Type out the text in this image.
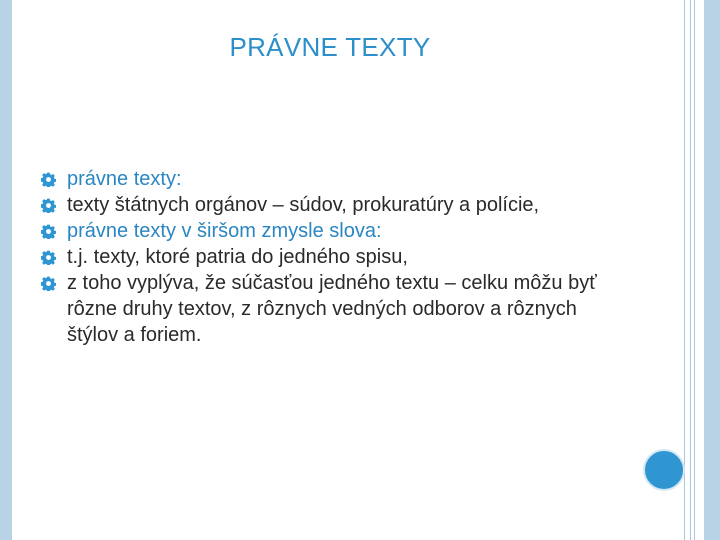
PRÁVNE TEXTY
právne texty:
texty štátnych orgánov – súdov, prokuratúry a polície,
právne texty v širšom zmysle slova:
t.j. texty, ktoré patria do jedného spisu,
z toho vyplýva, že súčasťou jedného textu – celku môžu byť rôzne druhy textov, z rôznych vedných odborov a rôznych štýlov a foriem.
